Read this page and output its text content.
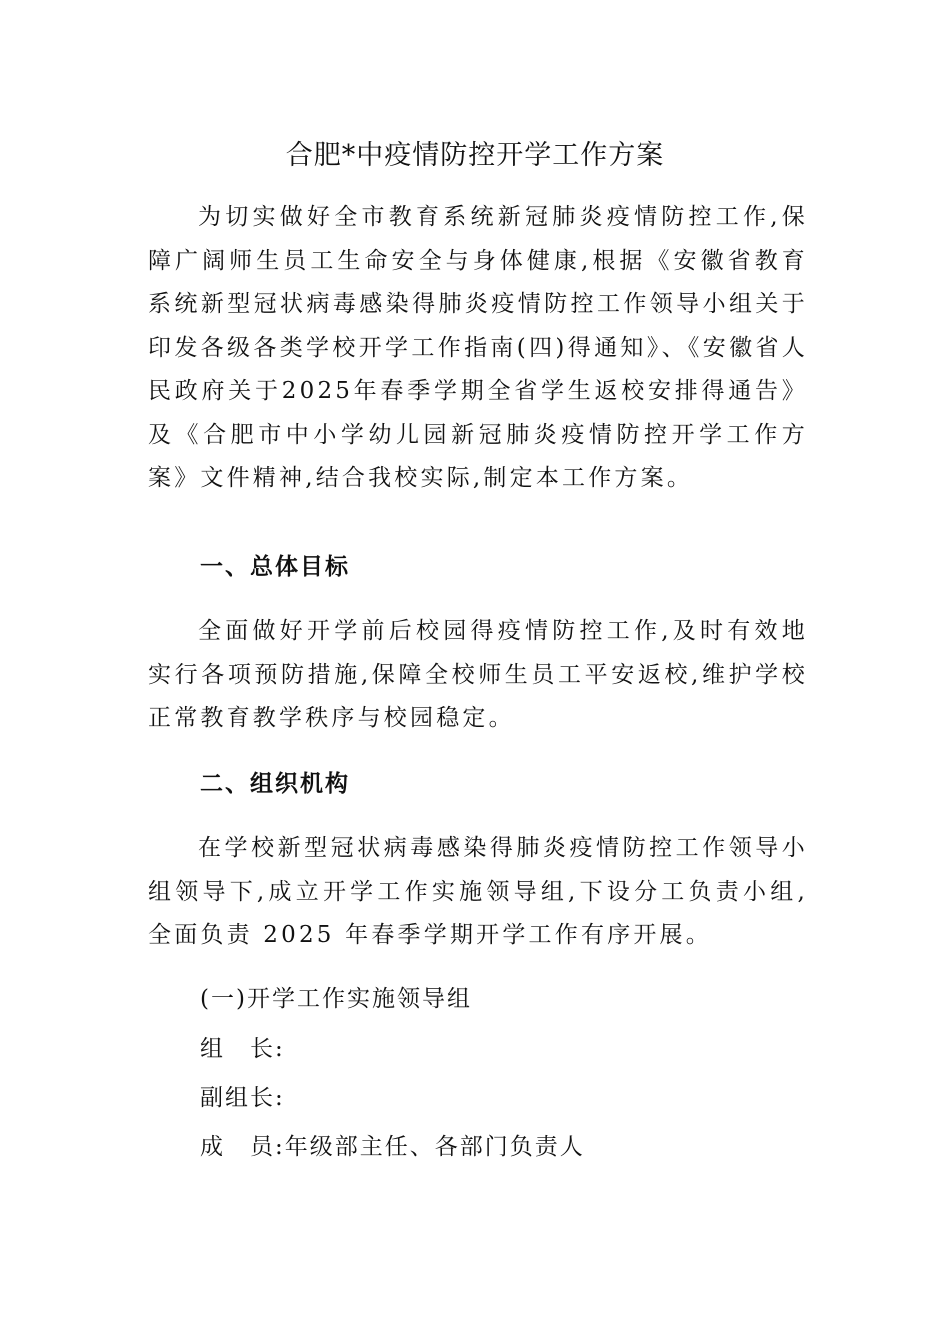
合肥*中疫情防控开学工作方案

为切实做好全市教育系统新冠肺炎疫情防控工作,保障广阔师生员工生命安全与身体健康,根据《安徽省教育系统新型冠状病毒感染得肺炎疫情防控工作领导小组关于印发各级各类学校开学工作指南(四)得通知》、《安徽省人民政府关于2025年春季学期全省学生返校安排得通告》及《合肥市中小学幼儿园新冠肺炎疫情防控开学工作方案》文件精神,结合我校实际,制定本工作方案。

一、总体目标

全面做好开学前后校园得疫情防控工作,及时有效地实行各项预防措施,保障全校师生员工平安返校,维护学校正常教育教学秩序与校园稳定。

二、组织机构

在学校新型冠状病毒感染得肺炎疫情防控工作领导小组领导下,成立开学工作实施领导组,下设分工负责小组,全面负责 2025 年春季学期开学工作有序开展。

(一)开学工作实施领导组
组　长:
副组长:
成　员:年级部主任、各部门负责人
